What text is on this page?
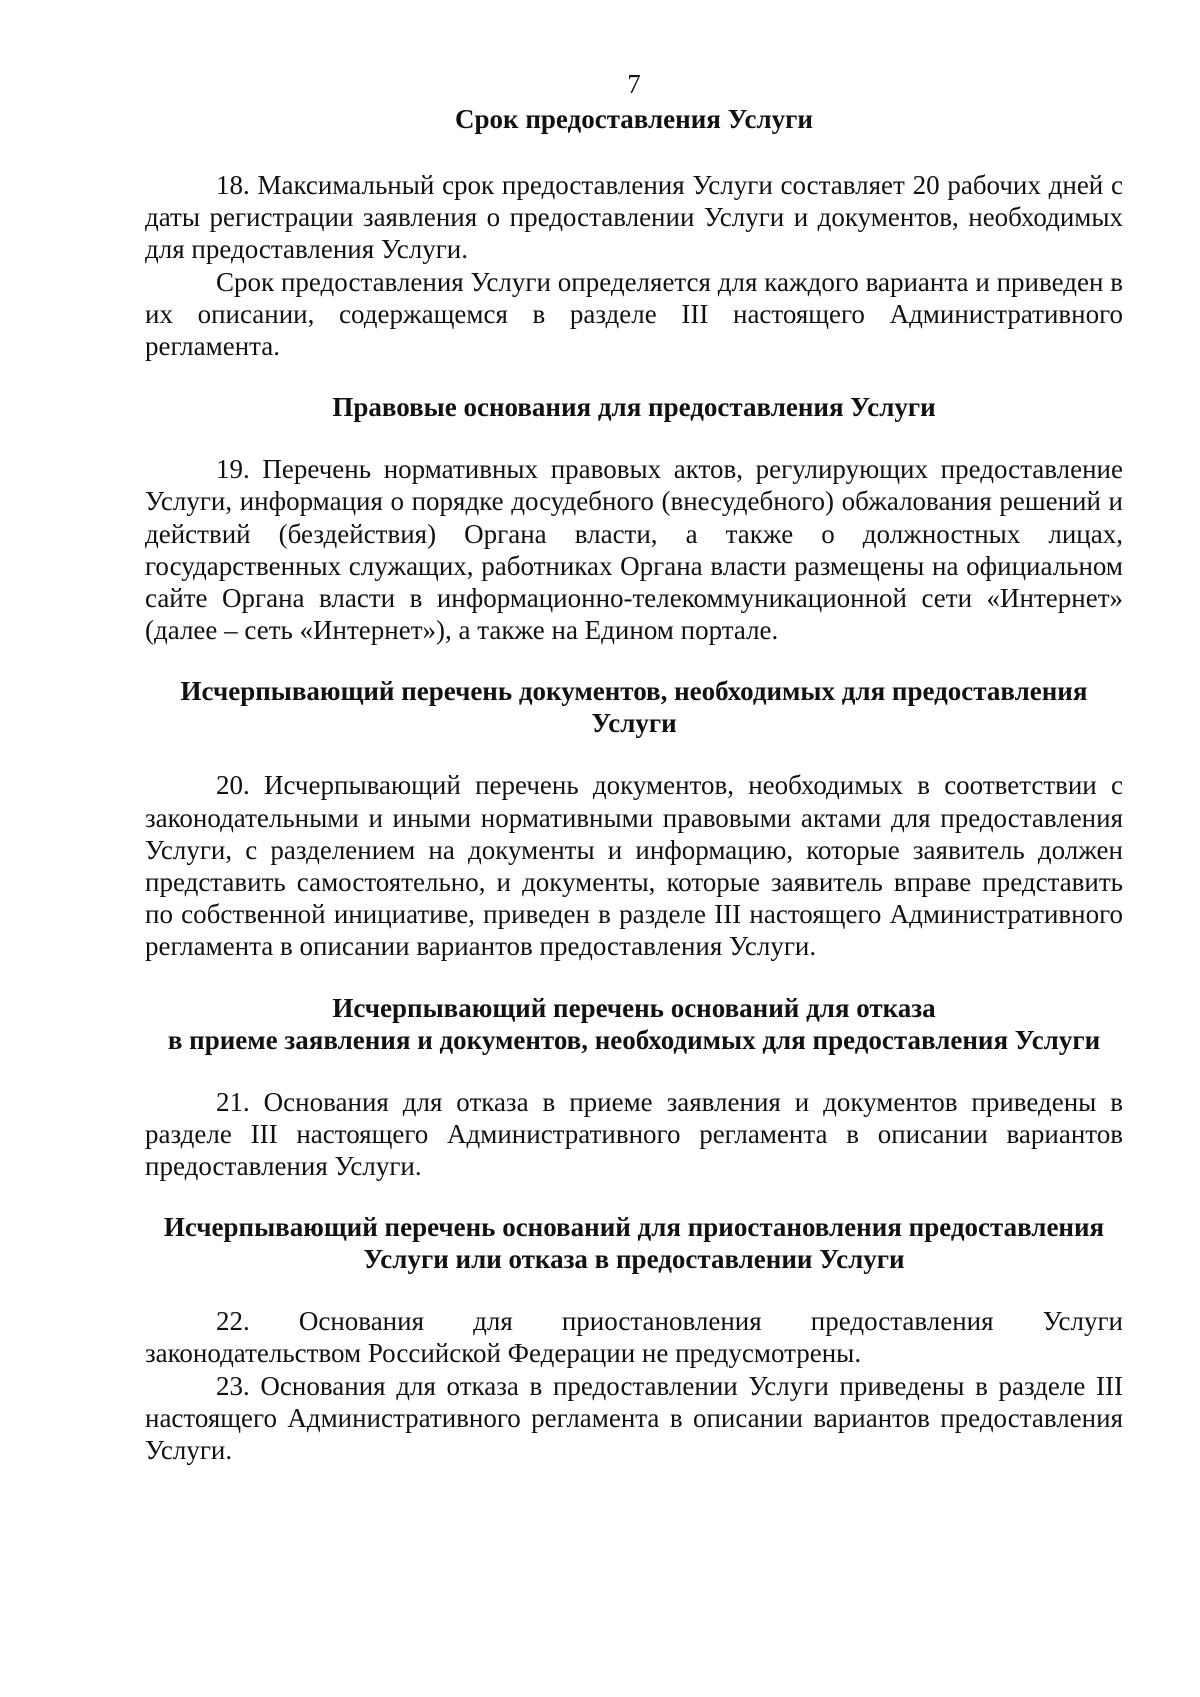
7

Срок предоставления Услуги

18. Максимальный срок предоставления Услуги составляет 20 рабочих дней с даты регистрации заявления о предоставлении Услуги и документов, необходимых для предоставления Услуги.

Срок предоставления Услуги определяется для каждого варианта и приведен в их описании, содержащемся в разделе III настоящего Административного регламента.

Правовые основания для предоставления Услуги

19. Перечень нормативных правовых актов, регулирующих предоставление Услуги, информация о порядке досудебного (внесудебного) обжалования решений и действий (бездействия) Органа власти, а также о должностных лицах, государственных служащих, работниках Органа власти размещены на официальном сайте Органа власти в информационно-телекоммуникационной сети «Интернет» (далее – сеть «Интернет»), а также на Едином портале.

Исчерпывающий перечень документов, необходимых для предоставления
Услуги

20. Исчерпывающий перечень документов, необходимых в соответствии с законодательными и иными нормативными правовыми актами для предоставления Услуги, с разделением на документы и информацию, которые заявитель должен представить самостоятельно, и документы, которые заявитель вправе представить по собственной инициативе, приведен в разделе III настоящего Административного регламента в описании вариантов предоставления Услуги.

Исчерпывающий перечень оснований для отказа
в приеме заявления и документов, необходимых для предоставления Услуги

21. Основания для отказа в приеме заявления и документов приведены в разделе III настоящего Административного регламента в описании вариантов предоставления Услуги.

Исчерпывающий перечень оснований для приостановления предоставления
Услуги или отказа в предоставлении Услуги

22. Основания для приостановления предоставления Услуги законодательством Российской Федерации не предусмотрены.

23. Основания для отказа в предоставлении Услуги приведены в разделе III настоящего Административного регламента в описании вариантов предоставления Услуги.
